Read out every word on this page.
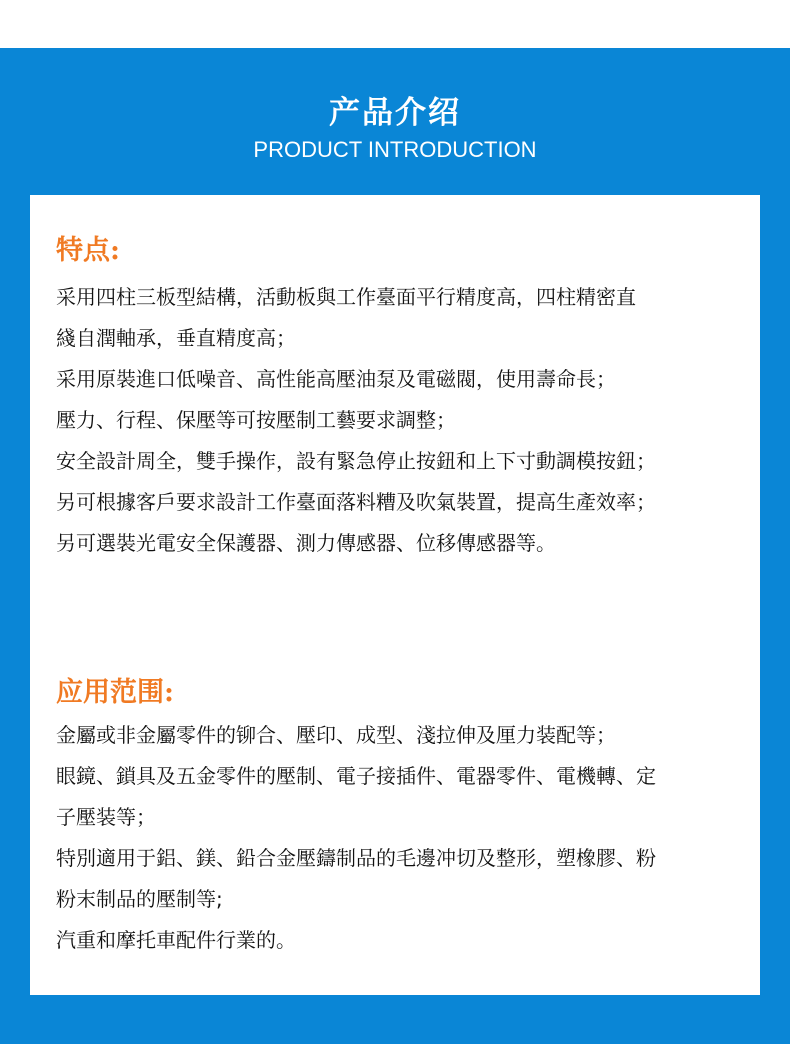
产品介绍
PRODUCT INTRODUCTION
特点:
采用四柱三板型結構，活動板與工作臺面平行精度高，四柱精密直
綫自潤軸承，垂直精度高；
采用原裝進口低噪音、高性能高壓油泵及電磁閥，使用壽命長；
壓力、行程、保壓等可按壓制工藝要求調整；
安全設計周全，雙手操作，設有緊急停止按鈕和上下寸動調模按鈕；
另可根據客戶要求設計工作臺面落料糟及吹氣裝置，提高生產效率；
另可選裝光電安全保護器、測力傳感器、位移傳感器等。
应用范围:
金屬或非金屬零件的铆合、壓印、成型、淺拉伸及厘力装配等；
眼鏡、鎖具及五金零件的壓制、電子接插件、電器零件、電機轉、定
子壓装等；
特別適用于鋁、鎂、鉛合金壓鑄制品的毛邊冲切及整形，塑橡膠、粉
粉末制品的壓制等;
汽重和摩托車配件行業的。
